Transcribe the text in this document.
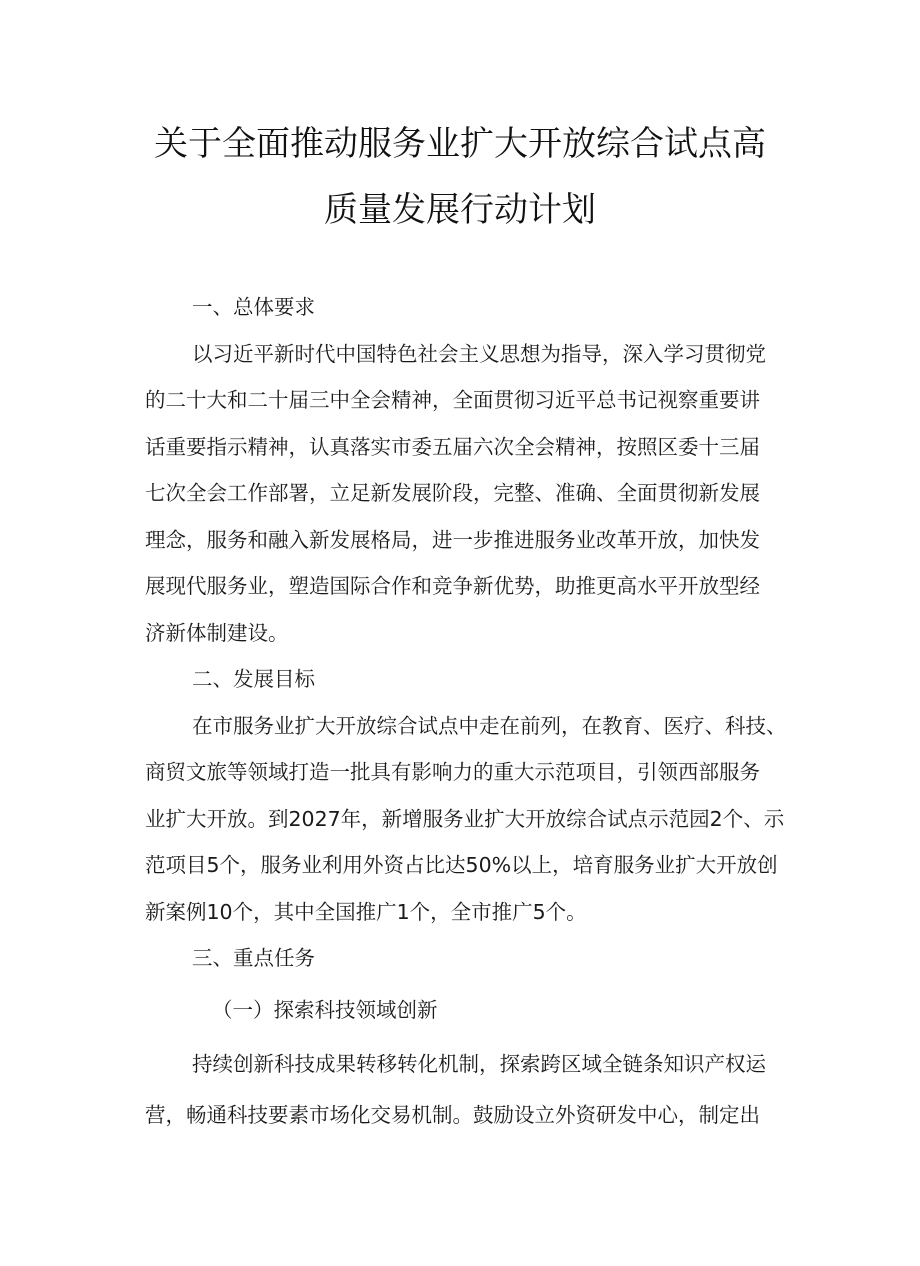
关于全面推动服务业扩大开放综合试点高
质量发展行动计划
一、总体要求
以习近平新时代中国特色社会主义思想为指导，深入学习贯彻党
的二十大和二十届三中全会精神，全面贯彻习近平总书记视察重要讲
话重要指示精神，认真落实市委五届六次全会精神，按照区委十三届
七次全会工作部署，立足新发展阶段，完整、准确、全面贯彻新发展
理念，服务和融入新发展格局，进一步推进服务业改革开放，加快发
展现代服务业，塑造国际合作和竞争新优势，助推更高水平开放型经
济新体制建设。
二、发展目标
在市服务业扩大开放综合试点中走在前列，在教育、医疗、科技、
商贸文旅等领域打造一批具有影响力的重大示范项目，引领西部服务
业扩大开放。到2027年，新增服务业扩大开放综合试点示范园2个、示
范项目5个，服务业利用外资占比达50%以上，培育服务业扩大开放创
新案例10个，其中全国推广1个，全市推广5个。
三、重点任务
（一）探索科技领域创新
持续创新科技成果转移转化机制，探索跨区域全链条知识产权运
营，畅通科技要素市场化交易机制。鼓励设立外资研发中心，制定出
